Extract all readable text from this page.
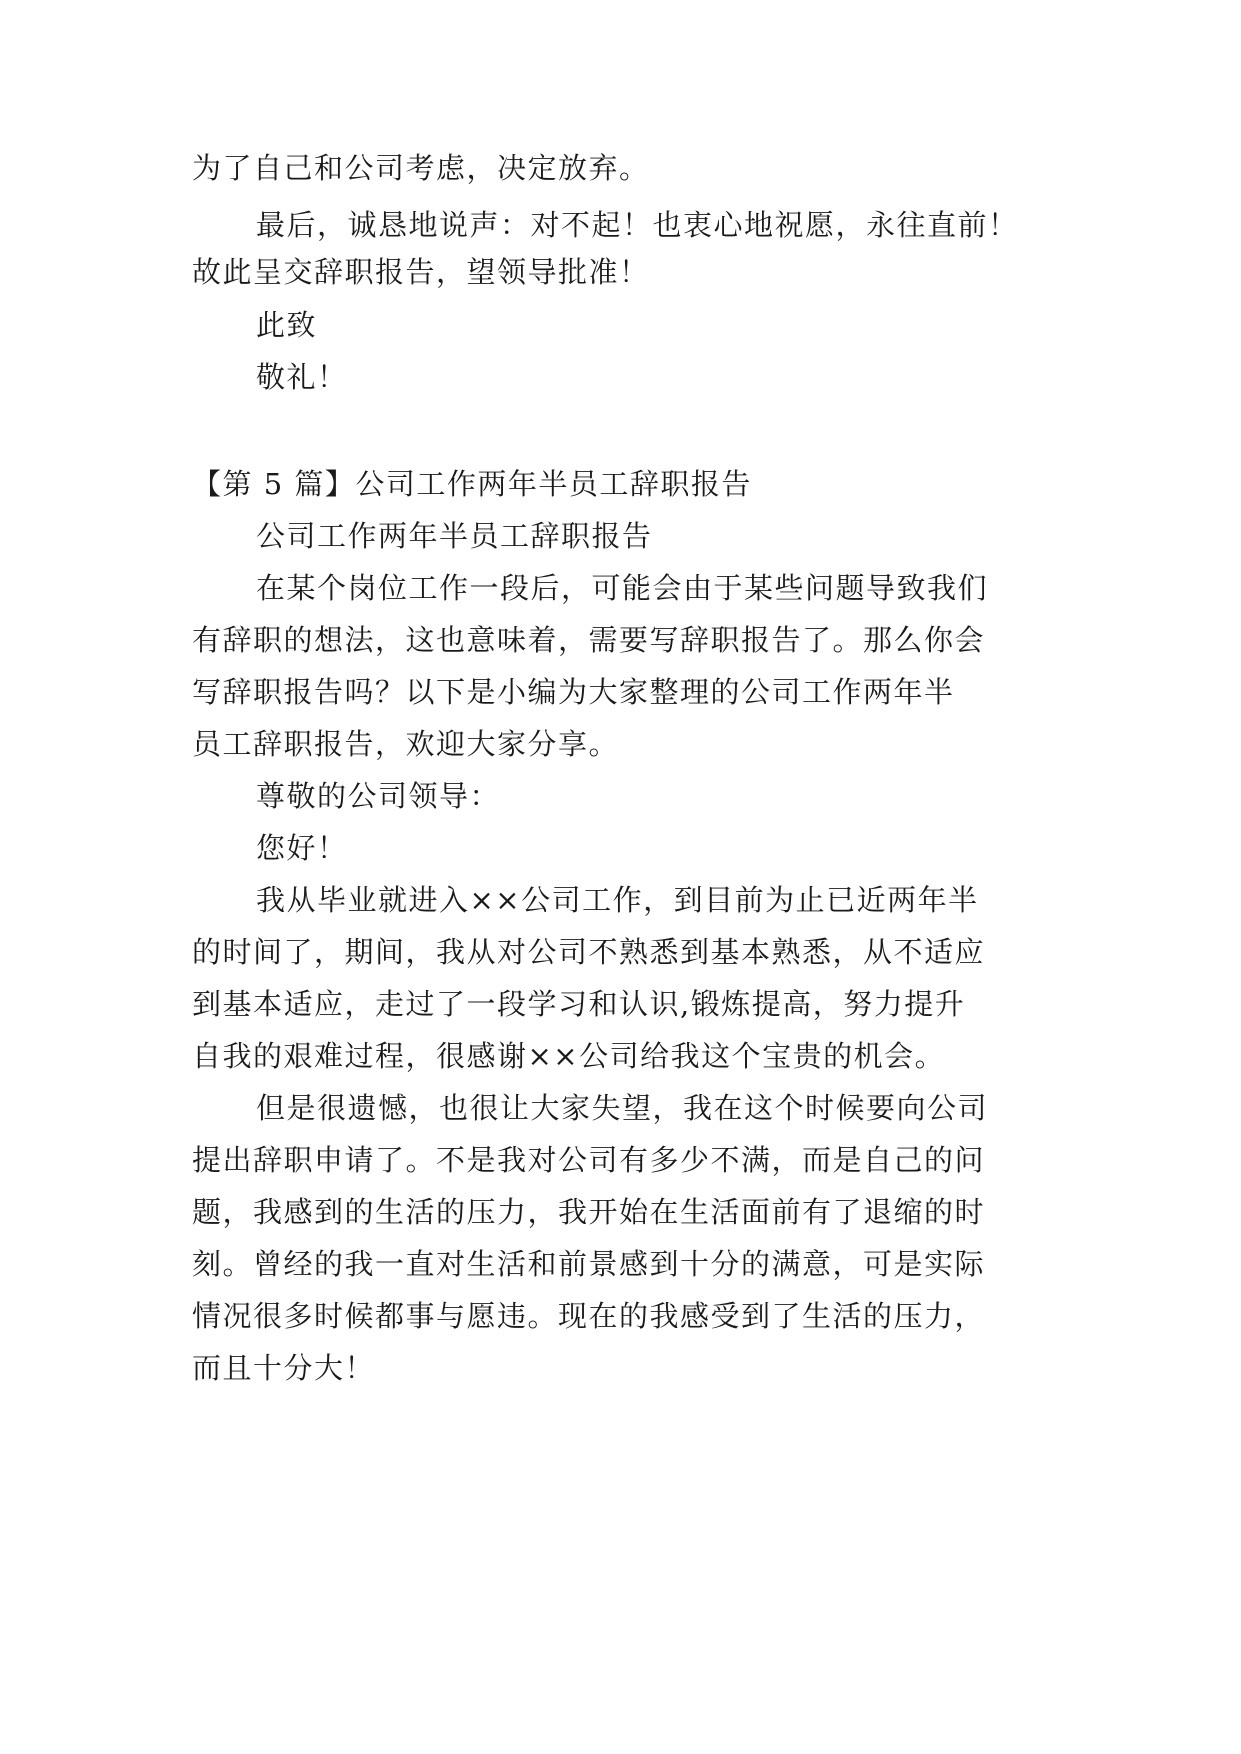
为了自己和公司考虑，决定放弃。
最后，诚恳地说声：对不起！也衷心地祝愿，永往直前！
故此呈交辞职报告，望领导批准！
此致
敬礼！
【第 5 篇】公司工作两年半员工辞职报告
公司工作两年半员工辞职报告
在某个岗位工作一段后，可能会由于某些问题导致我们
有辞职的想法，这也意味着，需要写辞职报告了。那么你会
写辞职报告吗？以下是小编为大家整理的公司工作两年半
员工辞职报告，欢迎大家分享。
尊敬的公司领导：
您好！
我从毕业就进入××公司工作，到目前为止已近两年半
的时间了，期间，我从对公司不熟悉到基本熟悉，从不适应
到基本适应，走过了一段学习和认识,锻炼提高，努力提升
自我的艰难过程，很感谢××公司给我这个宝贵的机会。
但是很遗憾，也很让大家失望，我在这个时候要向公司
提出辞职申请了。不是我对公司有多少不满，而是自己的问
题，我感到的生活的压力，我开始在生活面前有了退缩的时
刻。曾经的我一直对生活和前景感到十分的满意，可是实际
情况很多时候都事与愿违。现在的我感受到了生活的压力，
而且十分大！
